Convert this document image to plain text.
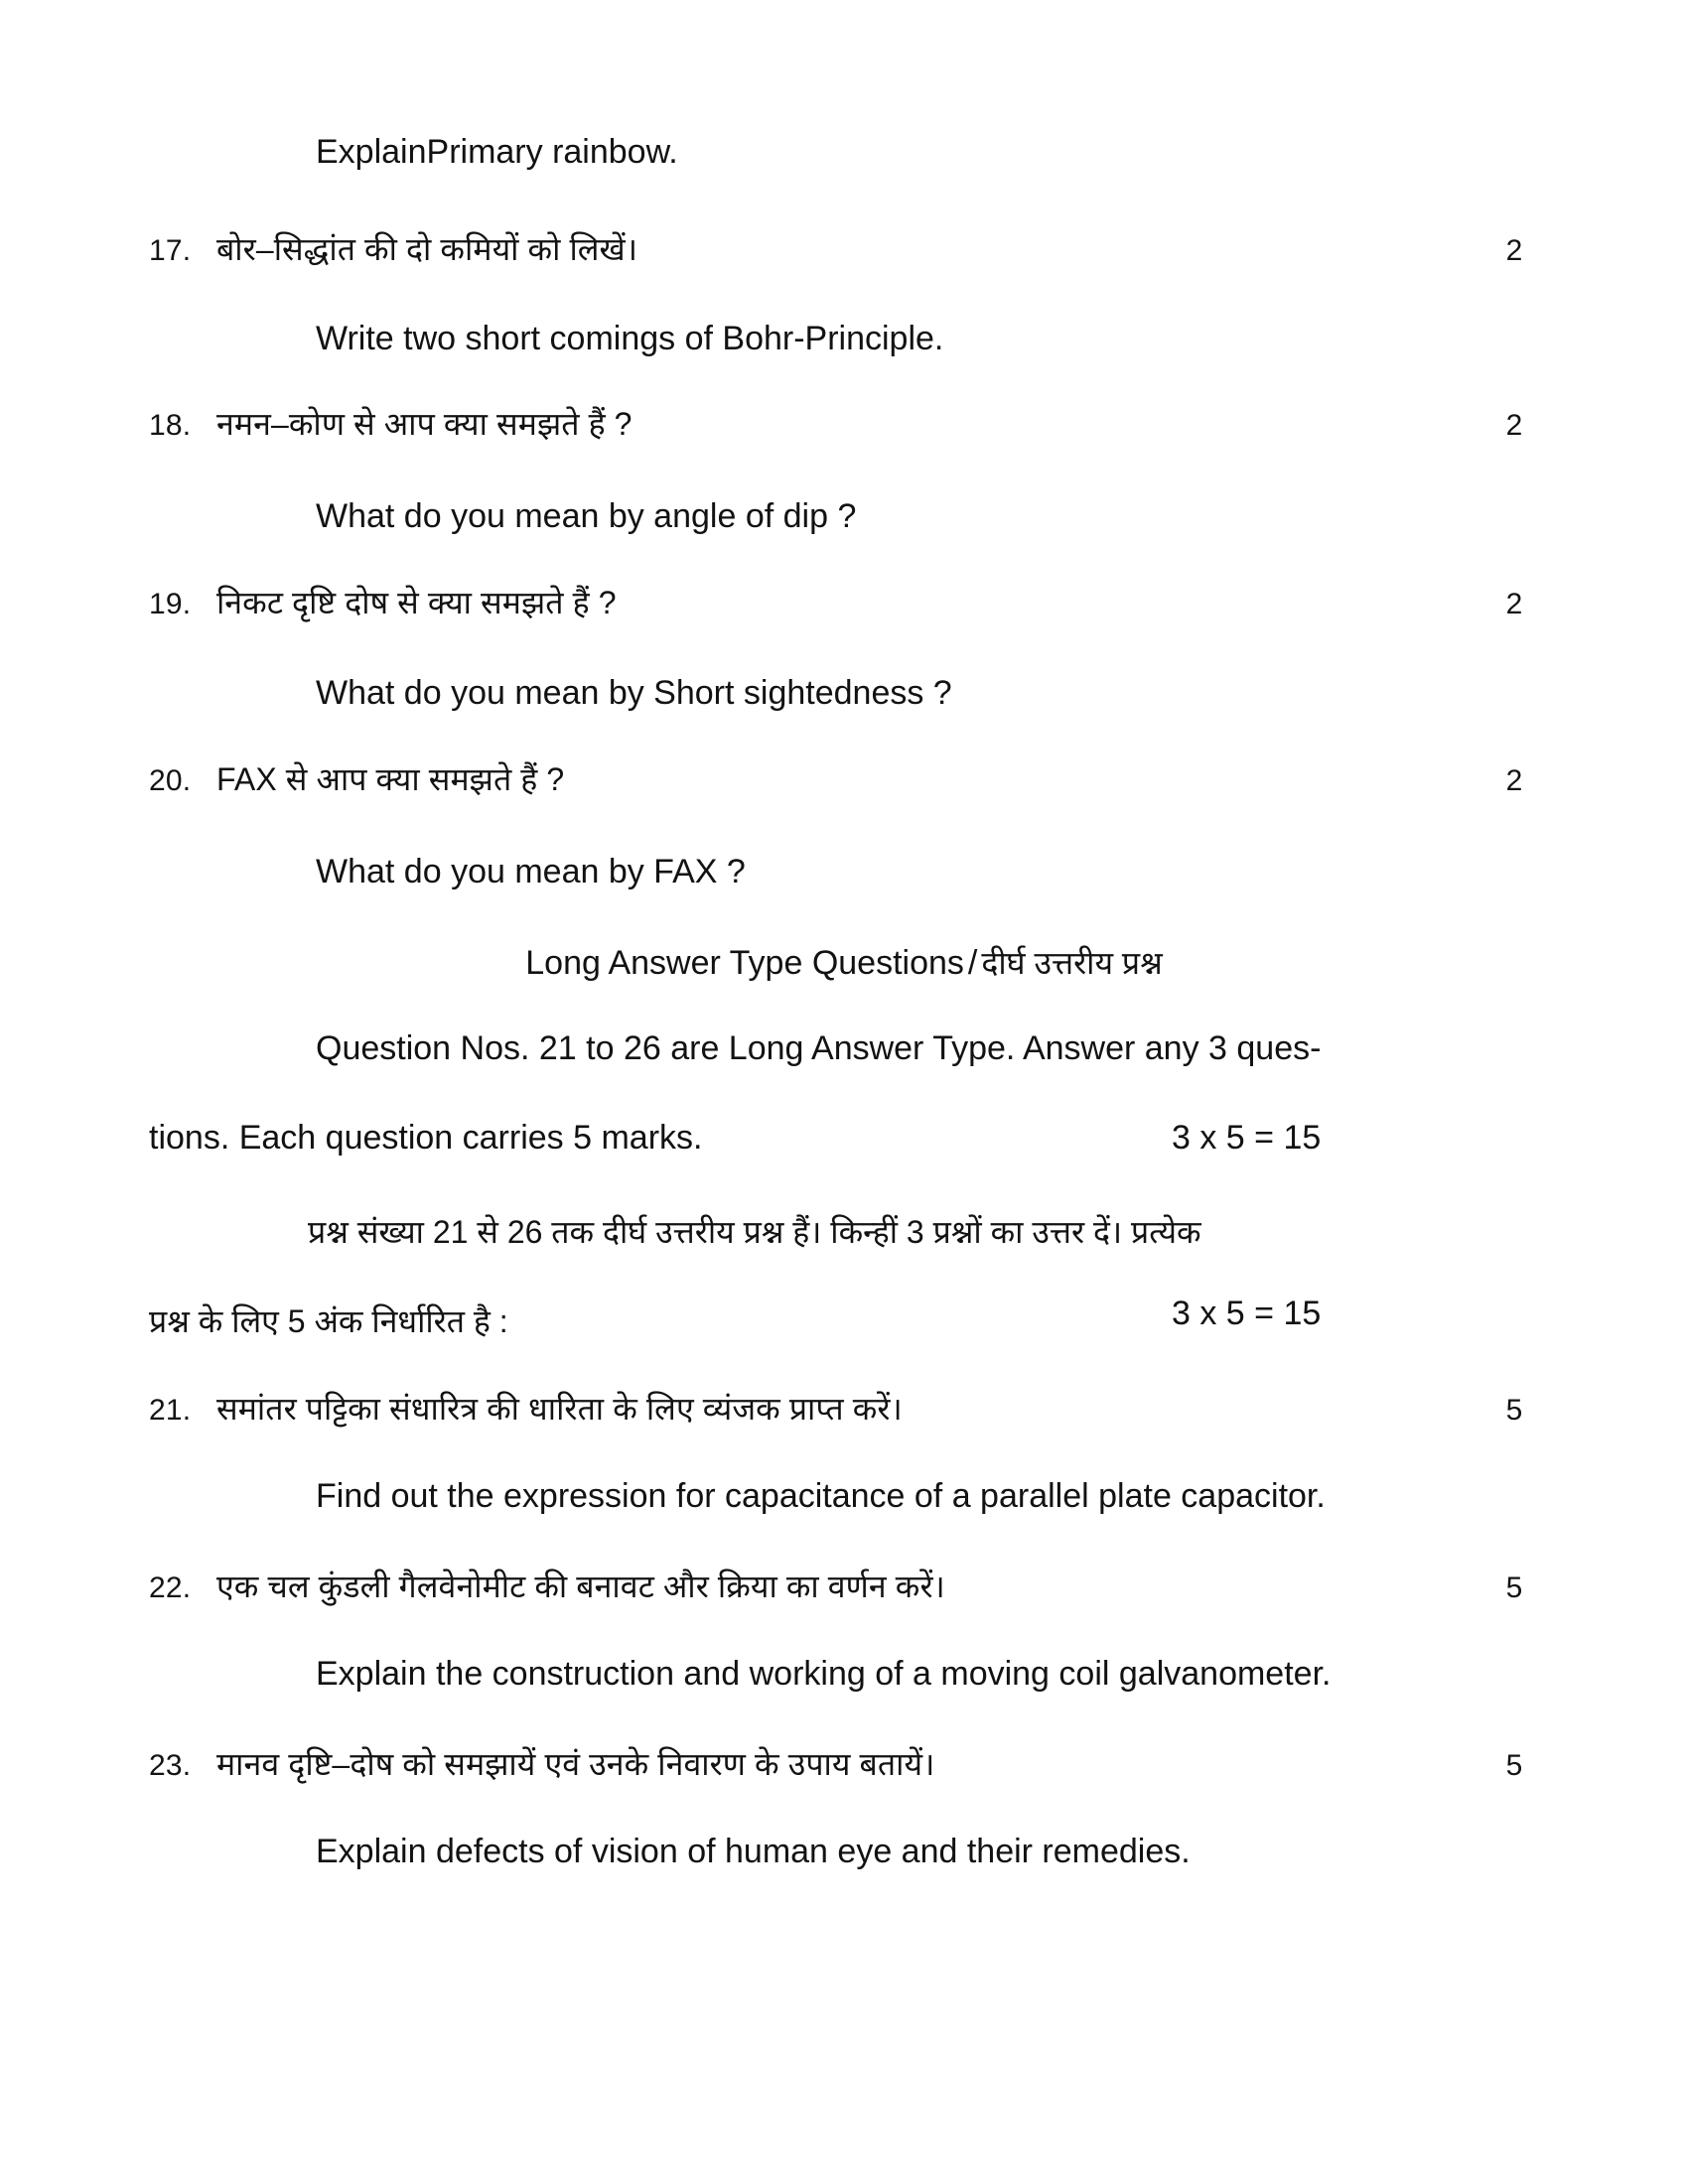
ExplainPrimary rainbow.
17. बोर–सिद्धांत की दो कमियों को लिखें।	2
Write two short comings of Bohr-Principle.
18. नमन–कोण से आप क्या समझते हैं ?	2
What do you mean by angle of dip ?
19. निकट दृष्टि दोष से क्या समझते हैं ?	2
What do you mean by Short sightedness ?
20. FAX से आप क्या समझते हैं ?	2
What do you mean by FAX ?
Long Answer Type Questions / दीर्घ उत्तरीय प्रश्न
Question Nos. 21 to 26 are Long Answer Type. Answer any 3 ques-
tions. Each question carries 5 marks.	3 x 5 = 15
प्रश्न संख्या 21 से 26 तक दीर्घ उत्तरीय प्रश्न हैं। किन्हीं 3 प्रश्नों का उत्तर दें। प्रत्येक
प्रश्न के लिए 5 अंक निर्धारित है :	3 x 5 = 15
21. समांतर पट्टिका संधारित्र की धारिता के लिए व्यंजक प्राप्त करें।	5
Find out the expression for capacitance of a parallel plate capacitor.
22. एक चल कुंडली गैलवेनोमीट की बनावट और क्रिया का वर्णन करें।	5
Explain the construction and working of a moving coil galvanometer.
23. मानव दृष्टि–दोष को समझायें एवं उनके निवारण के उपाय बतायें।	5
Explain defects of vision of human eye and their remedies.
